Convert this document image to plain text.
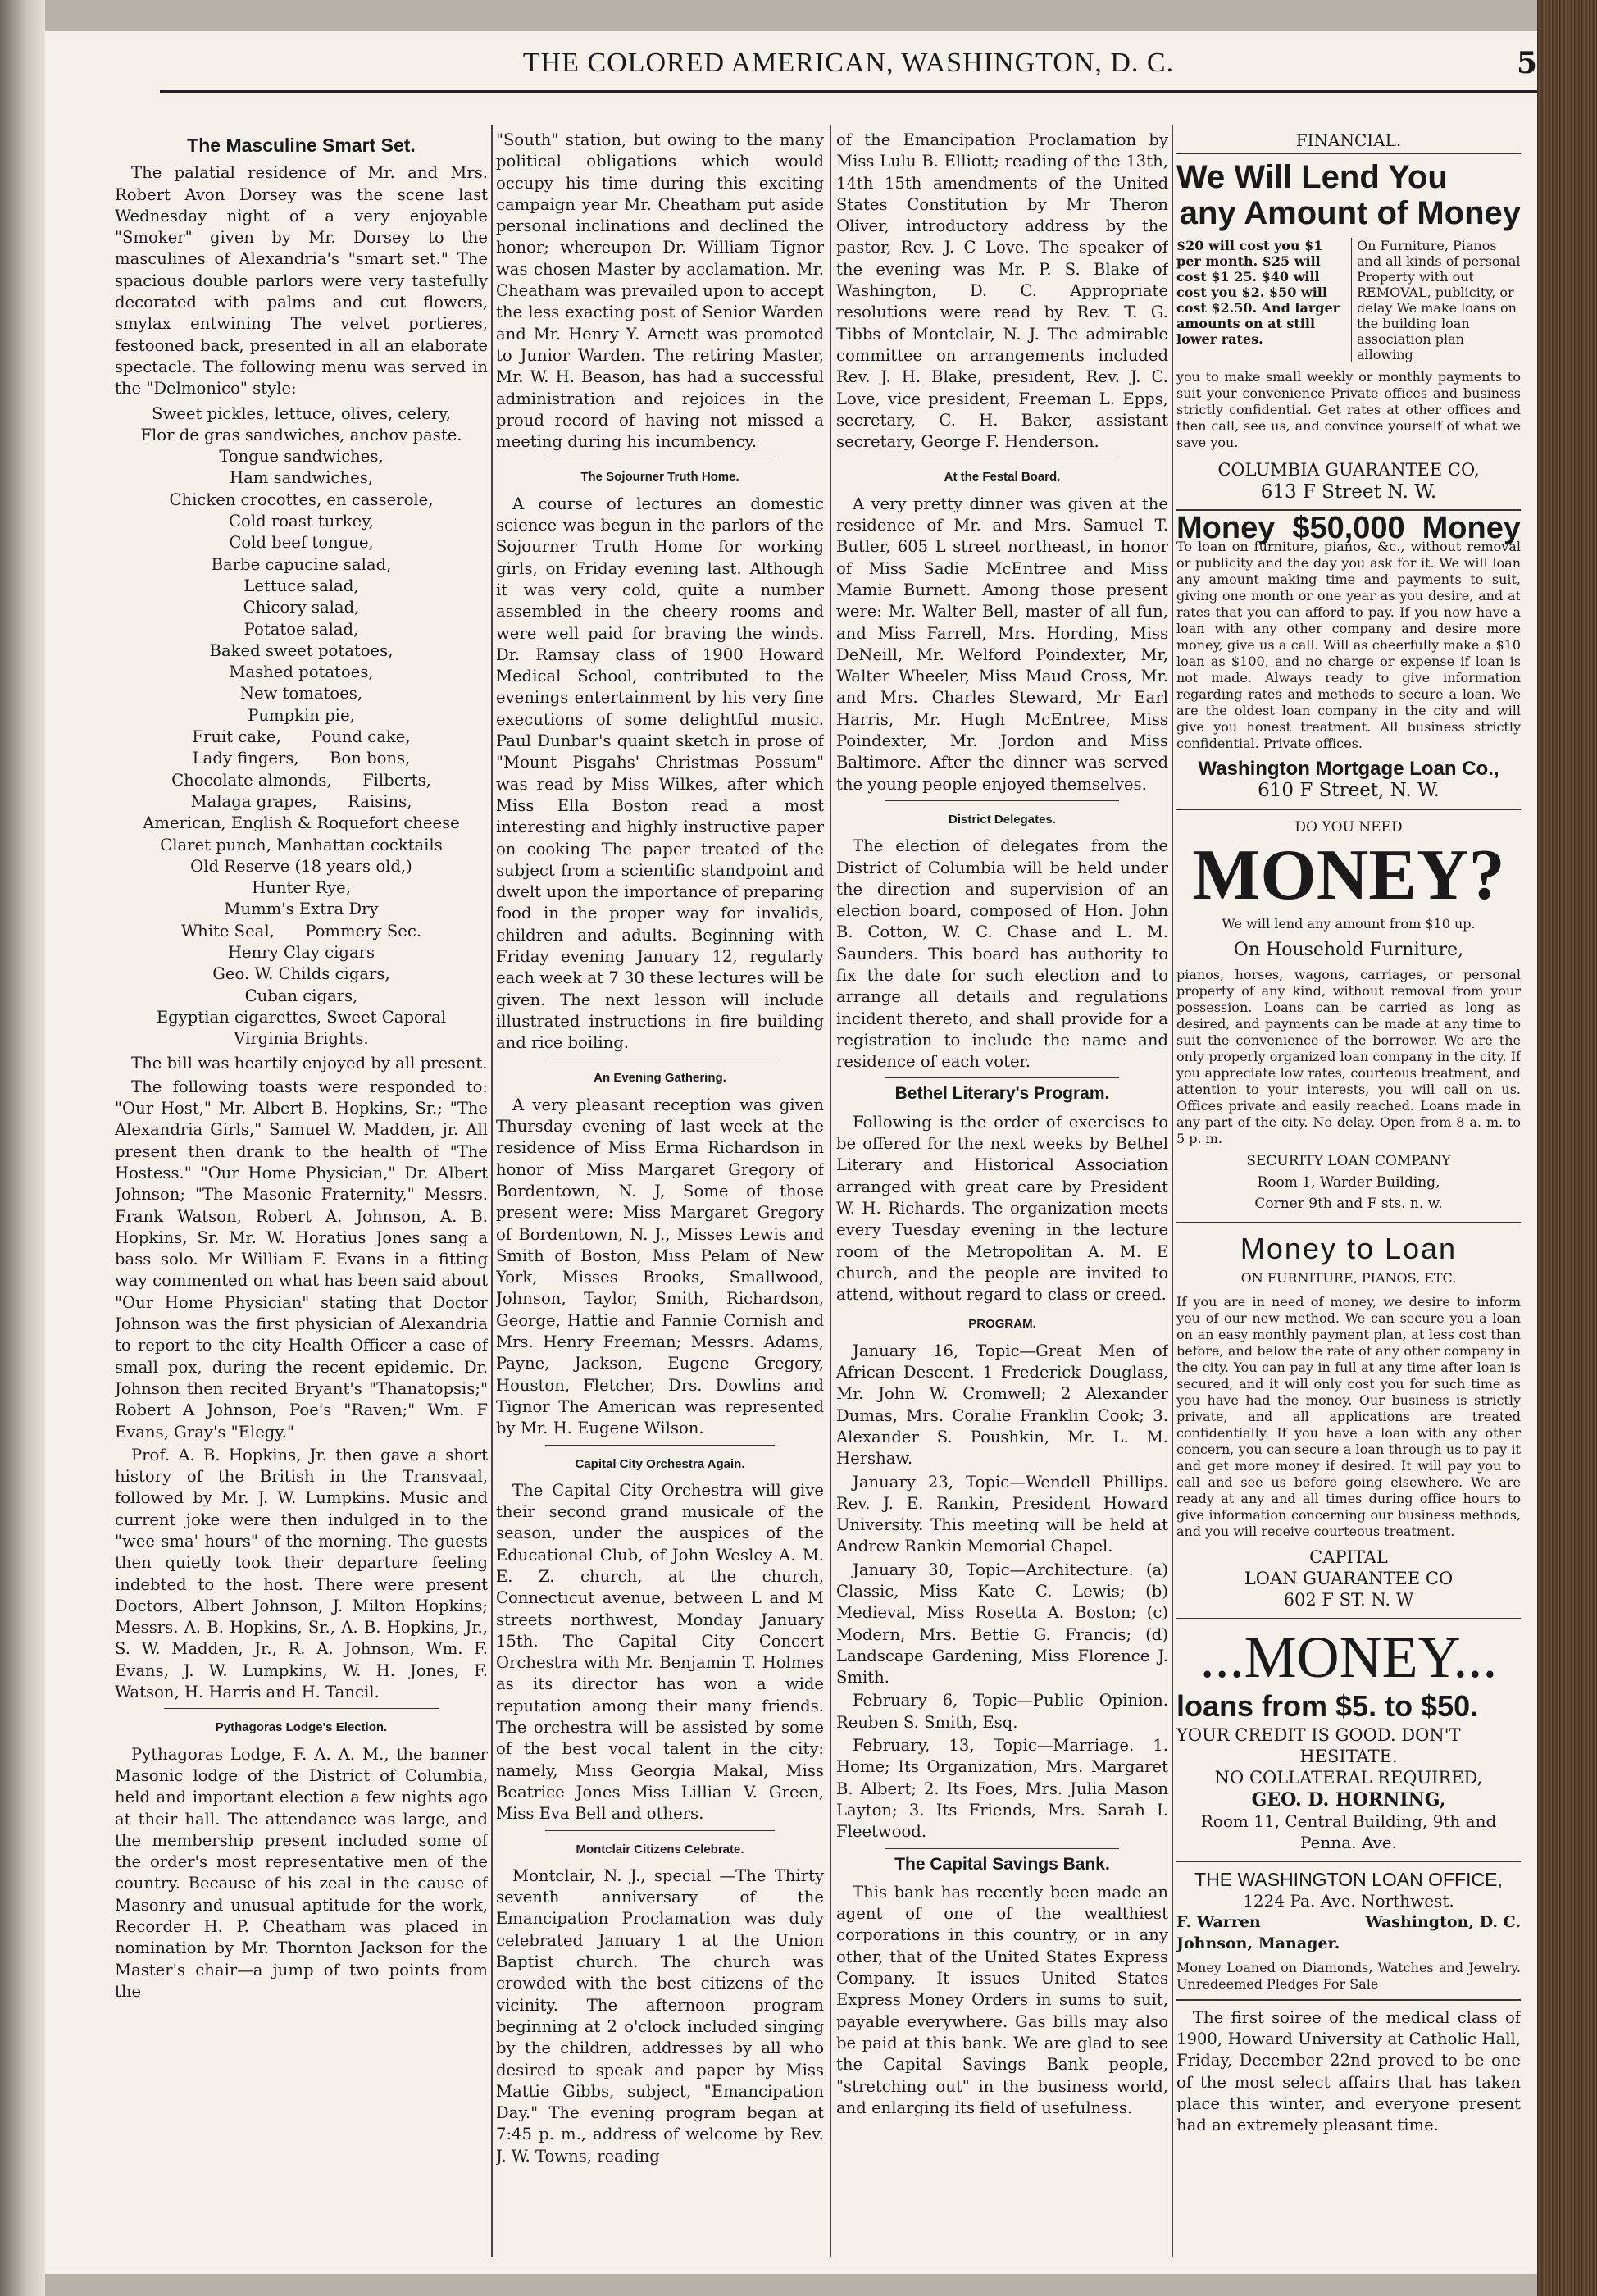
THE COLORED AMERICAN, WASHINGTON, D. C.	5
The Masculine Smart Set.

The palatial residence of Mr. and Mrs. Robert Avon Dorsey was the scene last Wednesday night of a very enjoyable "Smoker" given by Mr. Dorsey to the masculines of Alexandria's "smart set." The spacious double parlors were very tastefully decorated with palms and cut flowers, smylax entwining The velvet portieres, festooned back, presented in all an elaborate spectacle. The following menu was served in the "Delmonico" style:

Sweet pickles, lettuce, olives, celery,
Flor de gras sandwiches, anchov paste.
Tongue sandwiches,
Ham sandwiches,
Chicken crocottes, en casserole,
Cold roast turkey,
Cold beef tongue,
Barbe capucine salad,
Lettuce salad,
Chicory salad,
Potatoe salad,
Baked sweet potatoes,
Mashed potatoes,
New tomatoes,
Pumpkin pie,
Fruit cake,      Pound cake,
Lady fingers,      Bon bons,
Chocolate almonds,      Filberts,
Malaga grapes,      Raisins,
American, English & Roquefort cheese
Claret punch, Manhattan cocktails
Old Reserve (18 years old,)
Hunter Rye,
Mumm's Extra Dry
White Seal,      Pommery Sec.
Henry Clay cigars
Geo. W. Childs cigars,
Cuban cigars,
Egyptian cigarettes, Sweet Caporal
Virginia Brights.

The bill was heartily enjoyed by all present.

The following toasts were responded to: "Our Host," Mr. Albert B. Hopkins, Sr.; "The Alexandria Girls," Samuel W. Madden, jr. All present then drank to the health of "The Hostess." "Our Home Physician," Dr. Albert Johnson; "The Masonic Fraternity," Messrs. Frank Watson, Robert A. Johnson, A. B. Hopkins, Sr. Mr. W. Horatius Jones sang a bass solo. Mr William F. Evans in a fitting way commented on what has been said about "Our Home Physician" stating that Doctor Johnson was the first physician of Alexandria to report to the city Health Officer a case of small pox, during the recent epidemic. Dr. Johnson then recited Bryant's "Thanatopsis;" Robert A Johnson, Poe's "Raven;" Wm. F Evans, Gray's "Elegy."

Prof. A. B. Hopkins, Jr. then gave a short history of the British in the Transvaal, followed by Mr. J. W. Lumpkins. Music and current joke were then indulged in to the "wee sma' hours" of the morning. The guests then quietly took their departure feeling indebted to the host. There were present Doctors, Albert Johnson, J. Milton Hopkins; Messrs. A. B. Hopkins, Sr., A. B. Hopkins, Jr., S. W. Madden, Jr., R. A. Johnson, Wm. F. Evans, J. W. Lumpkins, W. H. Jones, F. Watson, H. Harris and H. Tancil.

Pythagoras Lodge's Election.

Pythagoras Lodge, F. A. A. M., the banner Masonic lodge of the District of Columbia, held and important election a few nights ago at their hall. The attendance was large, and the membership present included some of the order's most representative men of the country. Because of his zeal in the cause of Masonry and unusual aptitude for the work, Recorder H. P. Cheatham was placed in nomination by Mr. Thornton Jackson for the Master's chair—a jump of two points from the

"South" station, but owing to the many political obligations which would occupy his time during this exciting campaign year Mr. Cheatham put aside personal inclinations and declined the honor; whereupon Dr. William Tignor was chosen Master by acclamation. Mr. Cheatham was prevailed upon to accept the less exacting post of Senior Warden and Mr. Henry Y. Arnett was promoted to Junior Warden. The retiring Master, Mr. W. H. Beason, has had a successful administration and rejoices in the proud record of having not missed a meeting during his incumbency.

The Sojourner Truth Home.

A course of lectures an domestic science was begun in the parlors of the Sojourner Truth Home for working girls, on Friday evening last. Although it was very cold, quite a number assembled in the cheery rooms and were well paid for braving the winds. Dr. Ramsay class of 1900 Howard Medical School, contributed to the evenings entertainment by his very fine executions of some delightful music. Paul Dunbar's quaint sketch in prose of "Mount Pisgahs' Christmas Possum" was read by Miss Wilkes, after which Miss Ella Boston read a most interesting and highly instructive paper on cooking The paper treated of the subject from a scientific standpoint and dwelt upon the importance of preparing food in the proper way for invalids, children and adults. Beginning with Friday evening January 12, regularly each week at 7 30 these lectures will be given. The next lesson will include illustrated instructions in fire building and rice boiling.

An Evening Gathering.

A very pleasant reception was given Thursday evening of last week at the residence of Miss Erma Richardson in honor of Miss Margaret Gregory of Bordentown, N. J, Some of those present were: Miss Margaret Gregory of Bordentown, N. J., Misses Lewis and Smith of Boston, Miss Pelam of New York, Misses Brooks, Smallwood, Johnson, Taylor, Smith, Richardson, George, Hattie and Fannie Cornish and Mrs. Henry Freeman; Messrs. Adams, Payne, Jackson, Eugene Gregory, Houston, Fletcher, Drs. Dowlins and Tignor The American was represented by Mr. H. Eugene Wilson.

Capital City Orchestra Again.

The Capital City Orchestra will give their second grand musicale of the season, under the auspices of the Educational Club, of John Wesley A. M. E. Z. church, at the church, Connecticut avenue, between L and M streets northwest, Monday January 15th. The Capital City Concert Orchestra with Mr. Benjamin T. Holmes as its director has won a wide reputation among their many friends. The orchestra will be assisted by some of the best vocal talent in the city: namely, Miss Georgia Makal, Miss Beatrice Jones Miss Lillian V. Green, Miss Eva Bell and others.

Montclair Citizens Celebrate.

Montclair, N. J., special —The Thirty seventh anniversary of the Emancipation Proclamation was duly celebrated January 1 at the Union Baptist church. The church was crowded with the best citizens of the vicinity. The afternoon program beginning at 2 o'clock included singing by the children, addresses by all who desired to speak and paper by Miss Mattie Gibbs, subject, "Emancipation Day." The evening program began at 7:45 p. m., address of welcome by Rev. J. W. Towns, reading

of the Emancipation Proclamation by Miss Lulu B. Elliott; reading of the 13th, 14th 15th amendments of the United States Constitution by Mr Theron Oliver, introductory address by the pastor, Rev. J. C Love. The speaker of the evening was Mr. P. S. Blake of Washington, D. C. Appropriate resolutions were read by Rev. T. G. Tibbs of Montclair, N. J. The admirable committee on arrangements included Rev. J. H. Blake, president, Rev. J. C. Love, vice president, Freeman L. Epps, secretary, C. H. Baker, assistant secretary, George F. Henderson.

At the Festal Board.

A very pretty dinner was given at the residence of Mr. and Mrs. Samuel T. Butler, 605 L street northeast, in honor of Miss Sadie McEntree and Miss Mamie Burnett. Among those present were: Mr. Walter Bell, master of all fun, and Miss Farrell, Mrs. Hording, Miss DeNeill, Mr. Welford Poindexter, Mr, Walter Wheeler, Miss Maud Cross, Mr. and Mrs. Charles Steward, Mr Earl Harris, Mr. Hugh McEntree, Miss Poindexter, Mr. Jordon and Miss Baltimore. After the dinner was served the young people enjoyed themselves.

District Delegates.

The election of delegates from the District of Columbia will be held under the direction and supervision of an election board, composed of Hon. John B. Cotton, W. C. Chase and L. M. Saunders. This board has authority to fix the date for such election and to arrange all details and regulations incident thereto, and shall provide for a registration to include the name and residence of each voter.

Bethel Literary's Program.

Following is the order of exercises to be offered for the next weeks by Bethel Literary and Historical Association arranged with great care by President W. H. Richards. The organization meets every Tuesday evening in the lecture room of the Metropolitan A. M. E church, and the people are invited to attend, without regard to class or creed.

PROGRAM.

January 16, Topic—Great Men of African Descent. 1 Frederick Douglass, Mr. John W. Cromwell; 2 Alexander Dumas, Mrs. Coralie Franklin Cook; 3. Alexander S. Poushkin, Mr. L. M. Hershaw.

January 23, Topic—Wendell Phillips. Rev. J. E. Rankin, President Howard University. This meeting will be held at Andrew Rankin Memorial Chapel.

January 30, Topic—Architecture. (a) Classic, Miss Kate C. Lewis; (b) Medieval, Miss Rosetta A. Boston; (c) Modern, Mrs. Bettie G. Francis; (d) Landscape Gardening, Miss Florence J. Smith.

February 6, Topic—Public Opinion. Reuben S. Smith, Esq.

February, 13, Topic—Marriage. 1. Home; Its Organization, Mrs. Margaret B. Albert; 2. Its Foes, Mrs. Julia Mason Layton; 3. Its Friends, Mrs. Sarah I. Fleetwood.

The Capital Savings Bank.

This bank has recently been made an agent of one of the wealthiest corporations in this country, or in any other, that of the United States Express Company. It issues United States Express Money Orders in sums to suit, payable everywhere. Gas bills may also be paid at this bank. We are glad to see the Capital Savings Bank people, "stretching out" in the business world, and enlarging its field of usefulness.

FINANCIAL.
We Will Lend You
any Amount of Money
$20 will cost you $1 per month. $25 will cost $1 25. $40 will cost you $2. $50 will cost $2.50. And larger amounts on at still lower rates.
On Furniture, Pianos and all kinds of personal Property with out REMOVAL, publicity, or delay We make loans on the building loan association plan allowing
you to make small weekly or monthly payments to suit your convenience Private offices and business strictly confidential. Get rates at other offices and then call, see us, and convince yourself of what we save you.
COLUMBIA GUARANTEE CO,
613 F Street N. W.
Money $50,000 Money
To loan on furniture, pianos, &c., without removal or publicity and the day you ask for it. We will loan any amount making time and payments to suit, giving one month or one year as you desire, and at rates that you can afford to pay. If you now have a loan with any other company and desire more money, give us a call. Will as cheerfully make a $10 loan as $100, and no charge or expense if loan is not made. Always ready to give information regarding rates and methods to secure a loan. We are the oldest loan company in the city and will give you honest treatment. All business strictly confidential. Private offices.
Washington Mortgage Loan Co.,
610 F Street, N. W.
DO YOU NEED
MONEY?
We will lend any amount from $10 up.
On Household Furniture,
pianos, horses, wagons, carriages, or personal property of any kind, without removal from your possession. Loans can be carried as long as desired, and payments can be made at any time to suit the convenience of the borrower. We are the only properly organized loan company in the city. If you appreciate low rates, courteous treatment, and attention to your interests, you will call on us. Offices private and easily reached. Loans made in any part of the city. No delay. Open from 8 a. m. to 5 p. m.
SECURITY LOAN COMPANY
Room 1, Warder Building,
Corner 9th and F sts. n. w.
Money to Loan
ON FURNITURE, PIANOS, ETC.
If you are in need of money, we desire to inform you of our new method. We can secure you a loan on an easy monthly payment plan, at less cost than before, and below the rate of any other company in the city. You can pay in full at any time after loan is secured, and it will only cost you for such time as you have had the money. Our business is strictly private, and all applications are treated confidentially. If you have a loan with any other concern, you can secure a loan through us to pay it and get more money if desired. It will pay you to call and see us before going elsewhere. We are ready at any and all times during office hours to give information concerning our business methods, and you will receive courteous treatment.
CAPITAL
LOAN GUARANTEE CO
602 F ST. N. W
...MONEY...
loans from $5. to $50.
YOUR CREDIT IS GOOD. DON'T
HESITATE.
NO COLLATERAL REQUIRED,
GEO. D. HORNING,
Room 11, Central Building, 9th and Penna. Ave.
THE WASHINGTON LOAN OFFICE,
1224 Pa. Ave. Northwest.
F. Warren Johnson, Manager.
Washington, D. C.
Money Loaned on Diamonds, Watches and Jewelry. Unredeemed Pledges For Sale

The first soiree of the medical class of 1900, Howard University at Catholic Hall, Friday, December 22nd proved to be one of the most select affairs that has taken place this winter, and everyone present had an extremely pleasant time.
